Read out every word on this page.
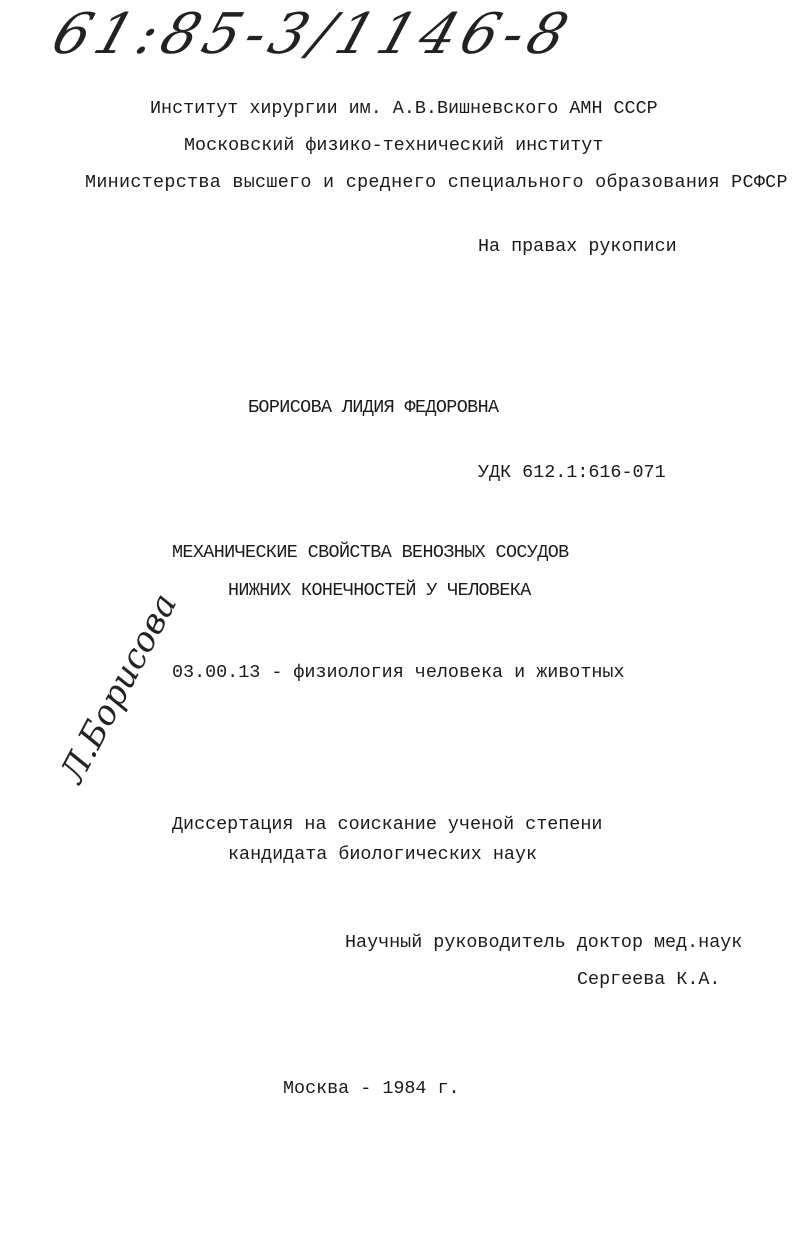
61:85-3/1146-8
Институт хирургии им. А.В.Вишневского АМН СССР
Московский физико-технический институт
Министерства высшего и среднего специального образования РСФСР
На правах рукописи
БОРИСОВА ЛИДИЯ ФЕДОРОВНА
УДК 612.1:616-071
МЕХАНИЧЕСКИЕ СВОЙСТВА ВЕНОЗНЫХ СОСУДОВ
НИЖНИХ КОНЕЧНОСТЕЙ У ЧЕЛОВЕКА
03.00.13 - физиология человека и животных
Л.Борисова
Диссертация на соискание ученой степени
кандидата биологических наук
Научный руководитель доктор мед.наук
Сергеева К.А.
Москва - 1984 г.
